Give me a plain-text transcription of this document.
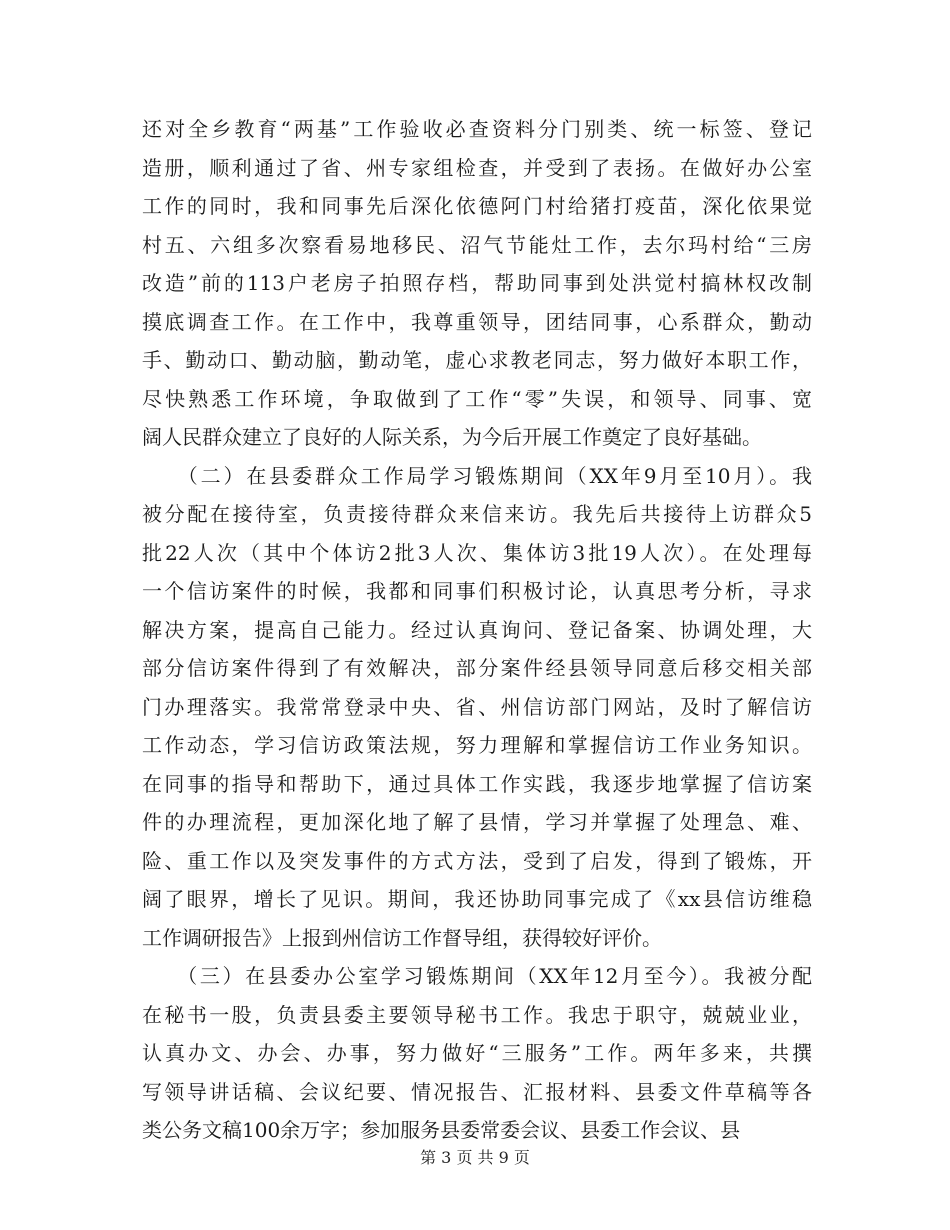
还对全乡教育“两基”工作验收必查资料分门别类、统一标签、登记
造册，顺利通过了省、州专家组检查，并受到了表扬。在做好办公室
工作的同时，我和同事先后深化依德阿门村给猪打疫苗，深化依果觉
村五、六组多次察看易地移民、沼气节能灶工作，去尔玛村给“三房
改造”前的113户老房子拍照存档，帮助同事到处洪觉村搞林权改制
摸底调查工作。在工作中，我尊重领导，团结同事，心系群众，勤动
手、勤动口、勤动脑，勤动笔，虚心求教老同志，努力做好本职工作，
尽快熟悉工作环境，争取做到了工作“零”失误，和领导、同事、宽
阔人民群众建立了良好的人际关系，为今后开展工作奠定了良好基础。
　　（二）在县委群众工作局学习锻炼期间（XX年9月至10月）。我
被分配在接待室，负责接待群众来信来访。我先后共接待上访群众5
批22人次（其中个体访2批3人次、集体访3批19人次）。在处理每
一个信访案件的时候，我都和同事们积极讨论，认真思考分析，寻求
解决方案，提高自己能力。经过认真询问、登记备案、协调处理，大
部分信访案件得到了有效解决，部分案件经县领导同意后移交相关部
门办理落实。我常常登录中央、省、州信访部门网站，及时了解信访
工作动态，学习信访政策法规，努力理解和掌握信访工作业务知识。
在同事的指导和帮助下，通过具体工作实践，我逐步地掌握了信访案
件的办理流程，更加深化地了解了县情，学习并掌握了处理急、难、
险、重工作以及突发事件的方式方法，受到了启发，得到了锻炼，开
阔了眼界，增长了见识。期间，我还协助同事完成了《xx县信访维稳
工作调研报告》上报到州信访工作督导组，获得较好评价。
　　（三）在县委办公室学习锻炼期间（XX年12月至今）。我被分配
在秘书一股，负责县委主要领导秘书工作。我忠于职守，兢兢业业，
认真办文、办会、办事，努力做好“三服务”工作。两年多来，共撰
写领导讲话稿、会议纪要、情况报告、汇报材料、县委文件草稿等各
类公务文稿100余万字；参加服务县委常委会议、县委工作会议、县
第 3 页 共 9 页
